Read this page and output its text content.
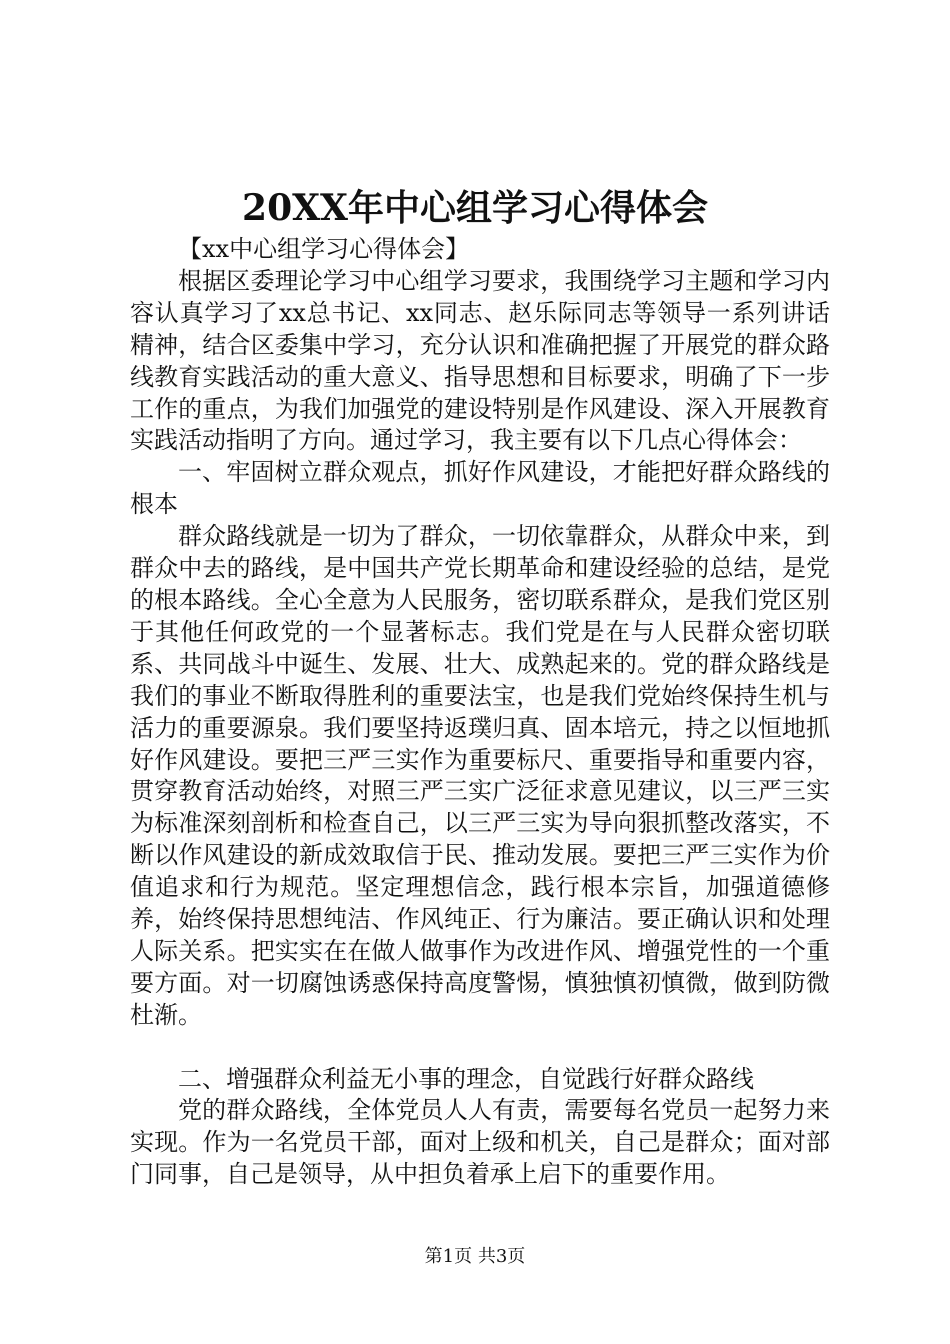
20XX年中心组学习心得体会

【xx中心组学习心得体会】

根据区委理论学习中心组学习要求，我围绕学习主题和学习内容认真学习了xx总书记、xx同志、赵乐际同志等领导一系列讲话精神，结合区委集中学习，充分认识和准确把握了开展党的群众路线教育实践活动的重大意义、指导思想和目标要求，明确了下一步工作的重点，为我们加强党的建设特别是作风建设、深入开展教育实践活动指明了方向。通过学习，我主要有以下几点心得体会：

一、牢固树立群众观点，抓好作风建设，才能把好群众路线的根本

群众路线就是一切为了群众，一切依靠群众，从群众中来，到群众中去的路线，是中国共产党长期革命和建设经验的总结，是党的根本路线。全心全意为人民服务，密切联系群众，是我们党区别于其他任何政党的一个显著标志。我们党是在与人民群众密切联系、共同战斗中诞生、发展、壮大、成熟起来的。党的群众路线是我们的事业不断取得胜利的重要法宝，也是我们党始终保持生机与活力的重要源泉。我们要坚持返璞归真、固本培元，持之以恒地抓好作风建设。要把三严三实作为重要标尺、重要指导和重要内容，贯穿教育活动始终，对照三严三实广泛征求意见建议，以三严三实为标准深刻剖析和检查自己，以三严三实为导向狠抓整改落实，不断以作风建设的新成效取信于民、推动发展。要把三严三实作为价值追求和行为规范。坚定理想信念，践行根本宗旨，加强道德修养，始终保持思想纯洁、作风纯正、行为廉洁。要正确认识和处理人际关系。把实实在在做人做事作为改进作风、增强党性的一个重要方面。对一切腐蚀诱惑保持高度警惕，慎独慎初慎微，做到防微杜渐。

二、增强群众利益无小事的理念，自觉践行好群众路线

党的群众路线，全体党员人人有责，需要每名党员一起努力来实现。作为一名党员干部，面对上级和机关，自己是群众；面对部门同事，自己是领导，从中担负着承上启下的重要作用。

第1页 共3页
